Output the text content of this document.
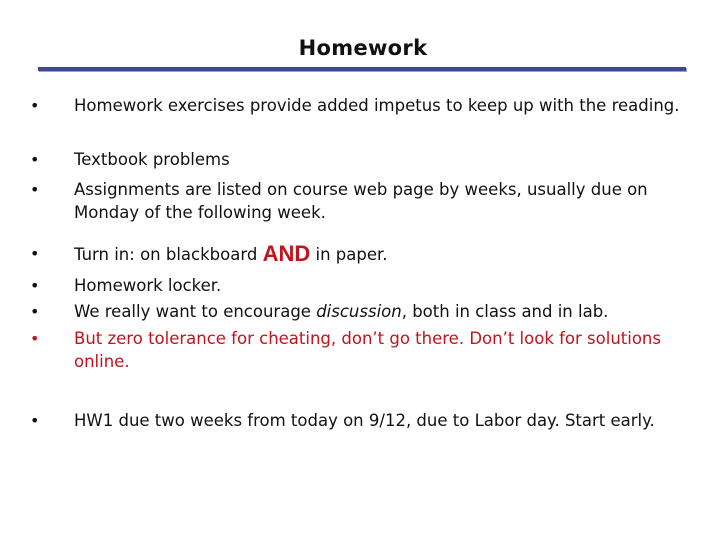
Homework
•	Homework exercises provide added impetus to keep up with the reading.
•	Textbook problems
•	Assignments are listed on course web page by weeks, usually due on Monday of the following week.
•	Turn in: on blackboard AND in paper.
•	Homework locker.
•	We really want to encourage discussion, both in class and in lab.
•	But zero tolerance for cheating, don’t go there. Don’t look for solutions online.
•	HW1 due two weeks from today on 9/12, due to Labor day. Start early.
